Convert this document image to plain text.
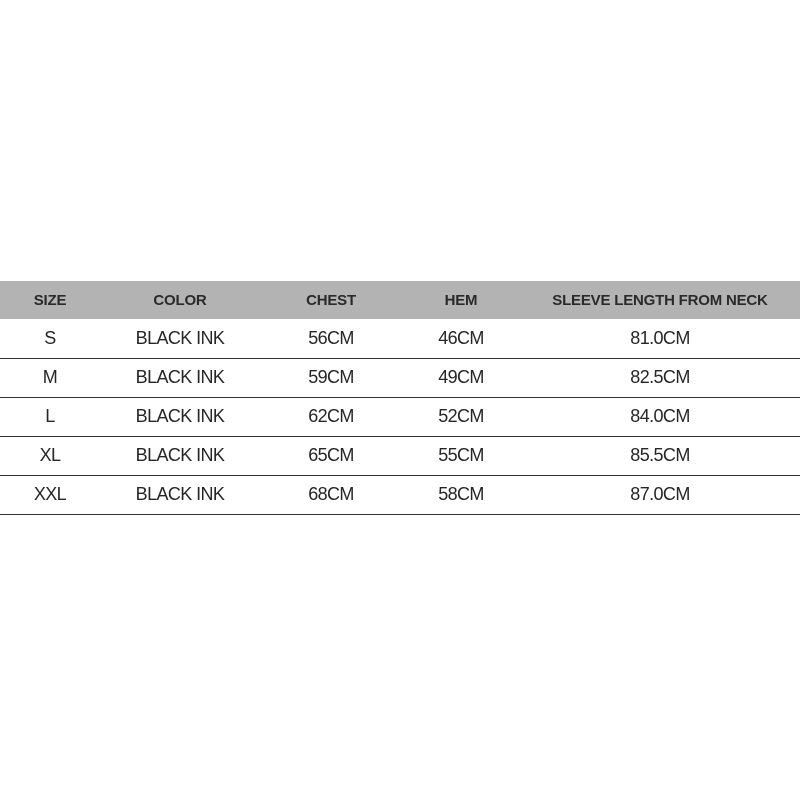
SIZE	COLOR	CHEST	HEM	SLEEVE LENGTH FROM NECK
S	BLACK INK	56CM	46CM	81.0CM
M	BLACK INK	59CM	49CM	82.5CM
L	BLACK INK	62CM	52CM	84.0CM
XL	BLACK INK	65CM	55CM	85.5CM
XXL	BLACK INK	68CM	58CM	87.0CM
